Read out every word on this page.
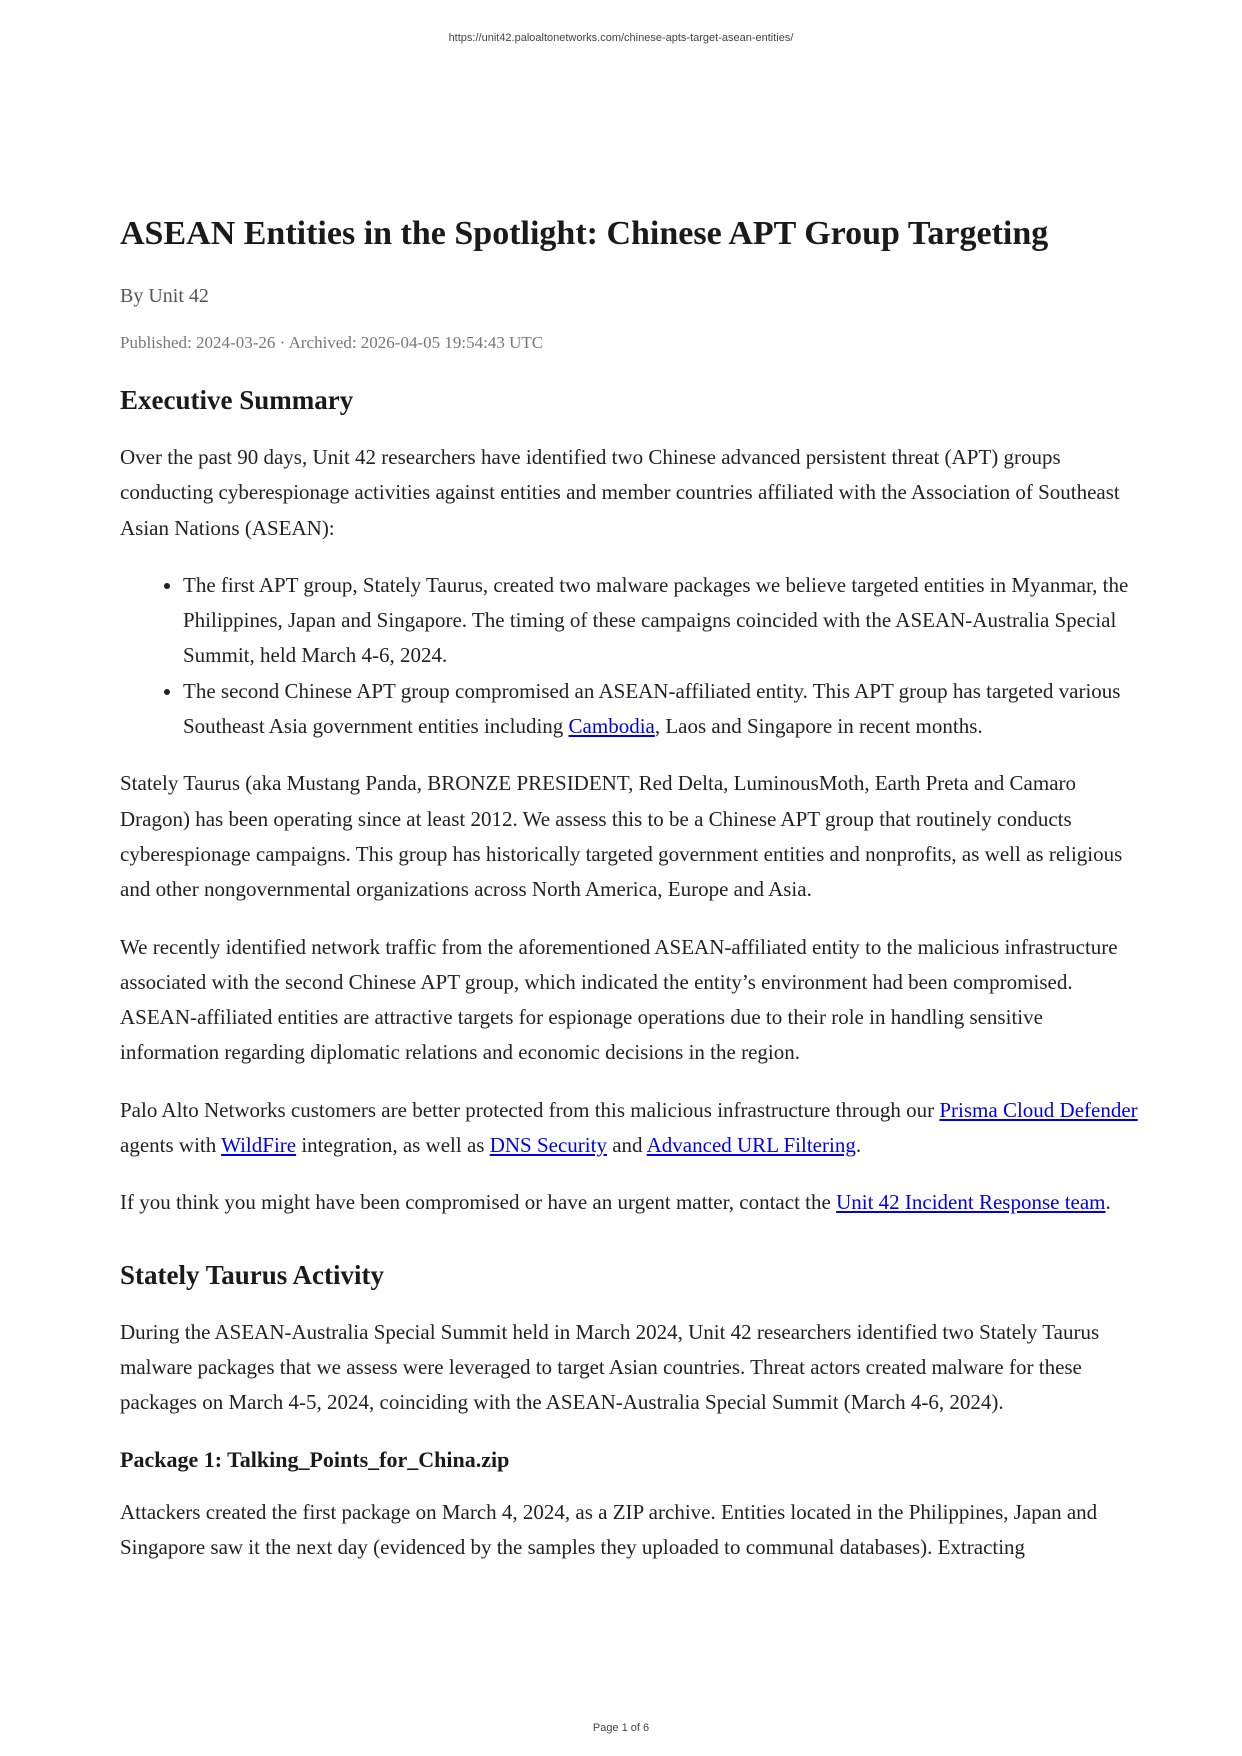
https://unit42.paloaltonetworks.com/chinese-apts-target-asean-entities/
ASEAN Entities in the Spotlight: Chinese APT Group Targeting
By Unit 42
Published: 2024-03-26 · Archived: 2026-04-05 19:54:43 UTC
Executive Summary

Over the past 90 days, Unit 42 researchers have identified two Chinese advanced persistent threat (APT) groups conducting cyberespionage activities against entities and member countries affiliated with the Association of Southeast Asian Nations (ASEAN):

• The first APT group, Stately Taurus, created two malware packages we believe targeted entities in Myanmar, the Philippines, Japan and Singapore. The timing of these campaigns coincided with the ASEAN-Australia Special Summit, held March 4-6, 2024.
• The second Chinese APT group compromised an ASEAN-affiliated entity. This APT group has targeted various Southeast Asia government entities including Cambodia, Laos and Singapore in recent months.

Stately Taurus (aka Mustang Panda, BRONZE PRESIDENT, Red Delta, LuminousMoth, Earth Preta and Camaro Dragon) has been operating since at least 2012. We assess this to be a Chinese APT group that routinely conducts cyberespionage campaigns. This group has historically targeted government entities and nonprofits, as well as religious and other nongovernmental organizations across North America, Europe and Asia.

We recently identified network traffic from the aforementioned ASEAN-affiliated entity to the malicious infrastructure associated with the second Chinese APT group, which indicated the entity’s environment had been compromised. ASEAN-affiliated entities are attractive targets for espionage operations due to their role in handling sensitive information regarding diplomatic relations and economic decisions in the region.

Palo Alto Networks customers are better protected from this malicious infrastructure through our Prisma Cloud Defender agents with WildFire integration, as well as DNS Security and Advanced URL Filtering.

If you think you might have been compromised or have an urgent matter, contact the Unit 42 Incident Response team.

Stately Taurus Activity

During the ASEAN-Australia Special Summit held in March 2024, Unit 42 researchers identified two Stately Taurus malware packages that we assess were leveraged to target Asian countries. Threat actors created malware for these packages on March 4-5, 2024, coinciding with the ASEAN-Australia Special Summit (March 4-6, 2024).

Package 1: Talking_Points_for_China.zip

Attackers created the first package on March 4, 2024, as a ZIP archive. Entities located in the Philippines, Japan and Singapore saw it the next day (evidenced by the samples they uploaded to communal databases). Extracting

Page 1 of 6
